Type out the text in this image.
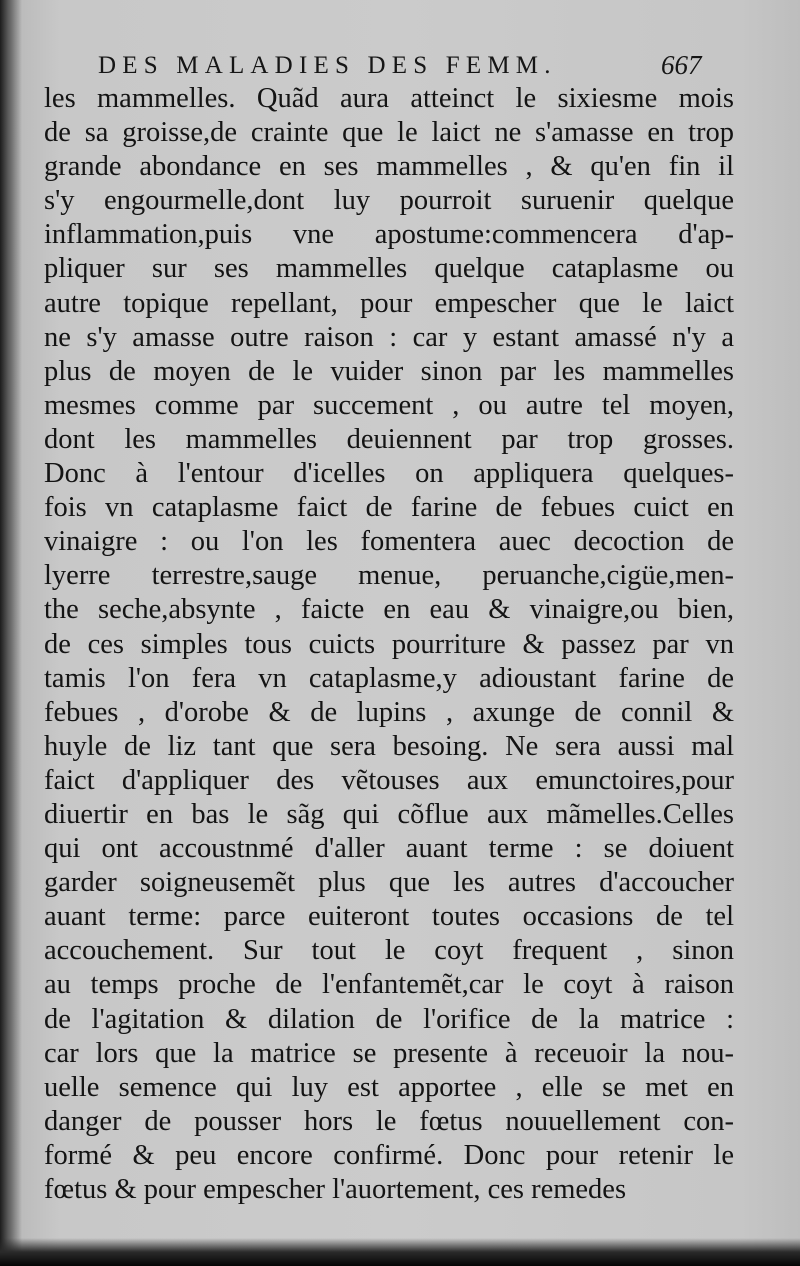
DES MALADIES DES FEMM.	667
les mammelles. Quãd aura atteinct le sixiesme mois
de sa groisse,de crainte que le laict ne s'amasse en trop
grande abondance en ses mammelles , & qu'en fin il
s'y engourmelle,dont luy pourroit suruenir quelque
inflammation,puis vne apostume:commencera d'ap-
pliquer sur ses mammelles quelque cataplasme ou
autre topique repellant, pour empescher que le laict
ne s'y amasse outre raison : car y estant amassé n'y a
plus de moyen de le vuider sinon par les mammelles
mesmes comme par succement , ou autre tel moyen,
dont les mammelles deuiennent par trop grosses.
Donc à l'entour d'icelles on appliquera quelques-
fois vn cataplasme faict de farine de febues cuict en
vinaigre : ou l'on les fomentera auec decoction de
lyerre terrestre,sauge menue, peruanche,cigüe,men-
the seche,absynte , faicte en eau & vinaigre,ou bien,
de ces simples tous cuicts pourriture & passez par vn
tamis l'on fera vn cataplasme,y adioustant farine de
febues , d'orobe & de lupins , axunge de connil &
huyle de liz tant que sera besoing. Ne sera aussi mal
faict d'appliquer des vẽtouses aux emunctoires,pour
diuertir en bas le sãg qui cõflue aux mãmelles.Celles
qui ont accoustnmé d'aller auant terme : se doiuent
garder soigneusemẽt plus que les autres d'accoucher
auant terme: parce euiteront toutes occasions de tel
accouchement. Sur tout le coyt frequent , sinon
au temps proche de l'enfantemẽt,car le coyt à raison
de l'agitation & dilation de l'orifice de la matrice :
car lors que la matrice se presente à receuoir la nou-
uelle semence qui luy est apportee , elle se met en
danger de pousser hors le fœtus nouuellement con-
formé & peu encore confirmé. Donc pour retenir le
fœtus & pour empescher l'auortement, ces remedes
